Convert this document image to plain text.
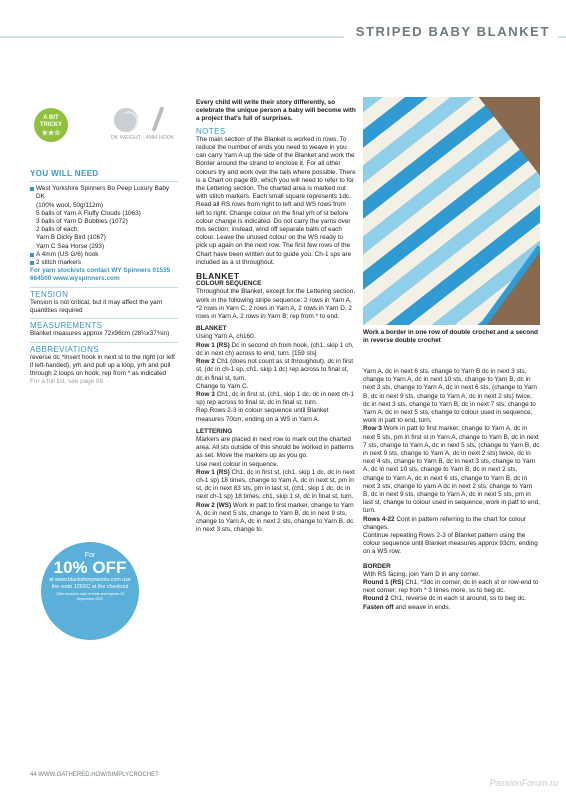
STRIPED BABY BLANKET
A BIT TRICKY
★★☆
DK WEIGHT 4MM HOOK

YOU WILL NEED

West Yorkshire Spinners Bo Peep Luxury Baby DK

(100% wool, 50g/112m)

5 balls of Yarn A Fluffy Clouds (1063)

3 balls of Yarn D Bubbles (1072)

2 balls of each:

Yarn B Dicky Bird (1067)

Yarn C Sea Horse (293)

A 4mm (US G/6) hook

2 stitch markers

For yarn stockists contact WY Spinners 01535 664500 www.wyspinners.com

TENSION

Tension is not critical, but it may affect the yarn quantities required

MEASUREMENTS

Blanket measures approx 72x96cm (28¼x37¾in)

ABBREVIATIONS

reverse dc *Insert hook in next st to the right (or left if left-handed), yrh and pull up a loop, yrh and pull through 2 loops on hook; rep from * as indicated

For a full list, see page 88

For
10% OFF
at www.blacksheepwools.com use the code 126SC at the checkout
Offer excludes sale of ends and expires 18 September 2022

Every child will write their story differently, so celebrate the unique person a baby will become with a project that's full of surprises.

NOTES

The main section of the Blanket is worked in rows. To reduce the number of ends you need to weave in you can carry Yarn A up the side of the Blanket and work the Border around the strand to enclose it. For all other colours try and work over the tails where possible. There is a Chart on page 89, which you will need to refer to for the Lettering section. The charted area is marked out with stitch markers. Each small square represents 1dc. Read all RS rows from right to left and WS rows from left to right. Change colour on the final yrh of st before colour change is indicated. Do not carry the yarns over this section; instead, wind off separate balls of each colour. Leave the unused colour on the WS ready to pick up again on the next row. The first few rows of the Chart have been written out to guide you. Ch-1 sps are included as a st throughout.

BLANKET

COLOUR SEQUENCE

Throughout the Blanket, except for the Lettering section, work in the following stripe sequence: 2 rows in Yarn A, *2 rows in Yarn C, 2 rows in Yarn A, 2 rows in Yarn D, 2 rows in Yarn A, 2 rows in Yarn B; rep from * to end.

BLANKET

Using Yarn A, ch160.

Row 1 (RS) Dc in second ch from hook, (ch1, skip 1 ch, dc in next ch) across to end, turn. [159 sts]

Row 2 Ch1 (does not count as st throughout), dc in first st, (dc in ch-1 sp, ch1, skip 1 dc) rep across to final st, dc in final st, turn.

Change to Yarn C.

Row 3 Ch1, dc in first st, (ch1, skip 1 dc, dc in next ch-1 sp) rep across to final st, dc in final st, turn.

Rep Rows 2-3 in colour sequence until Blanket measures 70cm, ending on a WS in Yarn A.

LETTERING

Markers are placed in next row to mark out the charted area. All sts outside of this should be worked in patterns as set. Move the markers up as you go.

Use next colour in sequence.

Row 1 (RS) Ch1, dc in first st, (ch1, skip 1 dc, dc in next ch-1 sp) 18 times, change to Yarn A, dc in next st, pm in st, dc in next 83 sts, pm in last st, (ch1, skip 1 dc, dc in next ch-1 sp) 18 times, ch1, skip 1 st, dc in final st, turn.

Row 2 (WS) Work in patt to first marker, change to Yarn A, dc in next 5 sts, change to Yarn B, dc in next 9 sts, change to Yarn A, dc in next 2 sts, change to Yarn B, dc in next 3 sts, change to

Work a border in one row of double crochet and a second in reverse double crochet

Yarn A, dc in next 6 sts, change to Yarn B dc in next 3 sts, change to Yarn A, dc in next 10 sts, change to Yarn B, dc in next 3 sts, change to Yarn A, dc in next 6 sts, (change to Yarn B, dc in next 9 sts, change to Yarn A, dc in next 2 sts) twice, dc in next 3 sts, change to Yarn B, dc in next 7 sts, change to Yarn A, dc in next 5 sts, change to colour used in sequence, work in patt to end, turn.

Row 3 Work in patt to first marker, change to Yarn A, dc in next 5 sts, pm in first st in Yarn A, change to Yarn B, dc in next 7 sts, change to Yarn A, dc in next 5 sts, (change to Yarn B, dc in next 9 sts, change to Yarn A, dc in next 2 sts) twice, dc in next 4 sts, change to Yarn B, dc in next 3 sts, change to Yarn A, dc in next 10 sts, change to Yarn B, dc in next 2 sts, change to Yarn A, dc in next 6 sts, change to Yarn B, dc in next 3 sts, change to yarn A dc in next 2 sts, change to Yarn B, dc in next 9 sts, change to Yarn A, dc in next 5 sts, pm in last st, change to colour used in sequence, work in patt to end, turn.

Rows 4-22 Cont in pattern referring to the chart for colour changes.

Continue repeating Rows 2-3 of Blanket pattern using the colour sequence until Blanket measures approx 93cm, ending on a WS row.

BORDER

With RS facing, join Yarn D in any corner.

Round 1 (RS) Ch1, *3dc in corner, dc in each st or row-end to next corner; rep from * 3 times more, ss to beg dc.

Round 2 Ch1, reverse dc in each st around, ss to beg dc.

Fasten off and weave in ends.

44 WWW.GATHERED.HOW/SIMPLYCROCHET
PassionForum.ru
